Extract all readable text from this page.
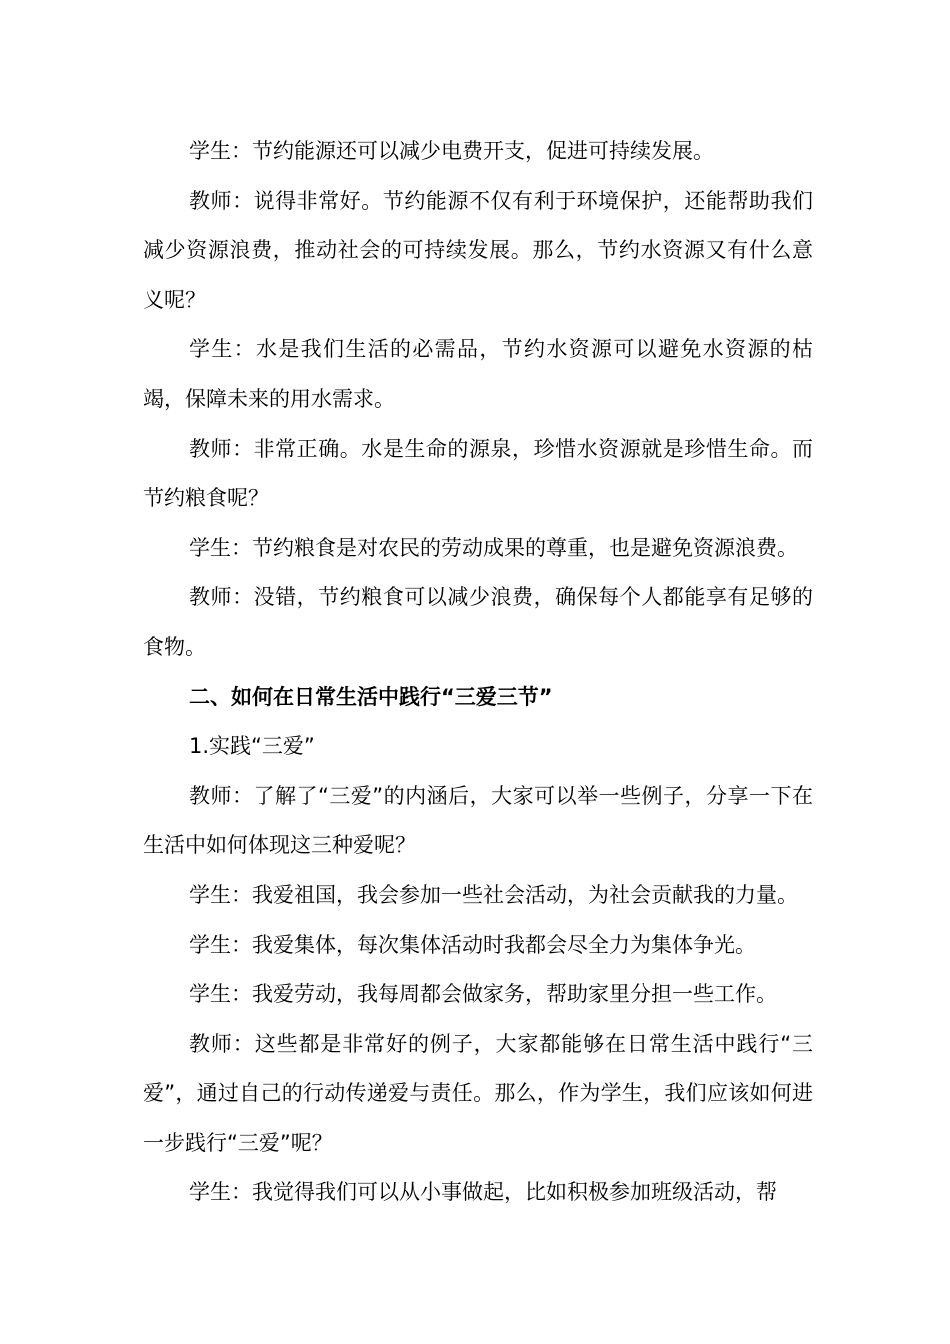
学生：节约能源还可以减少电费开支，促进可持续发展。

教师：说得非常好。节约能源不仅有利于环境保护，还能帮助我们减少资源浪费，推动社会的可持续发展。那么，节约水资源又有什么意义呢？

学生：水是我们生活的必需品，节约水资源可以避免水资源的枯竭，保障未来的用水需求。

教师：非常正确。水是生命的源泉，珍惜水资源就是珍惜生命。而节约粮食呢？

学生：节约粮食是对农民的劳动成果的尊重，也是避免资源浪费。

教师：没错，节约粮食可以减少浪费，确保每个人都能享有足够的食物。

二、如何在日常生活中践行“三爱三节”

1.实践“三爱”

教师：了解了“三爱”的内涵后，大家可以举一些例子，分享一下在生活中如何体现这三种爱呢？

学生：我爱祖国，我会参加一些社会活动，为社会贡献我的力量。

学生：我爱集体，每次集体活动时我都会尽全力为集体争光。

学生：我爱劳动，我每周都会做家务，帮助家里分担一些工作。

教师：这些都是非常好的例子，大家都能够在日常生活中践行“三爱”，通过自己的行动传递爱与责任。那么，作为学生，我们应该如何进一步践行“三爱”呢？

学生：我觉得我们可以从小事做起，比如积极参加班级活动，帮
